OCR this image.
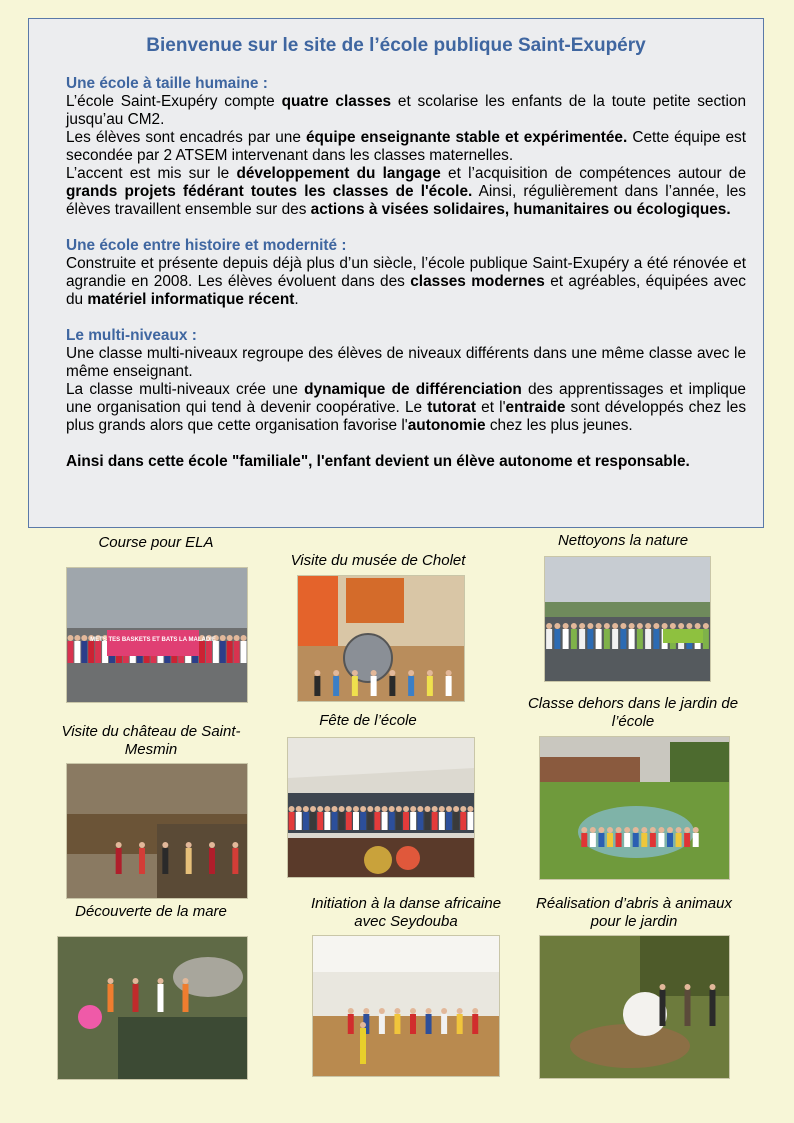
Bienvenue sur le site de l’école publique Saint-Exupéry
Une école à taille humaine :
L’école Saint-Exupéry compte quatre classes et scolarise les enfants de la toute petite section jusqu’au CM2.
Les élèves sont encadrés par une équipe enseignante stable et expérimentée. Cette équipe est secondée par 2 ATSEM intervenant dans les classes maternelles.
L’accent est mis sur le développement du langage et l’acquisition de compétences autour de grands projets fédérant toutes les classes de l'école. Ainsi, régulièrement dans l’année, les élèves travaillent ensemble sur des actions à visées solidaires, humanitaires ou écologiques.
Une école entre histoire et modernité :
Construite et présente depuis déjà plus d’un siècle, l’école publique Saint-Exupéry a été rénovée et agrandie en 2008. Les élèves évoluent dans des classes modernes et agréables, équipées avec du matériel informatique récent.
Le multi-niveaux :
Une classe multi-niveaux regroupe des élèves de niveaux différents dans une même classe avec le même enseignant.
La classe multi-niveaux crée une dynamique de différenciation des apprentissages et implique une organisation qui tend à devenir coopérative. Le tutorat et l'entraide sont développés chez les plus grands alors que cette organisation favorise l'autonomie chez les plus jeunes.
Ainsi dans cette école "familiale", l'enfant devient un élève autonome et responsable.
Course pour ELA
METS TES BASKETS ET BATS LA MALADIE
Visite du musée de Cholet
Nettoyons la nature
Visite du château de Saint-Mesmin
Fête de l’école
Classe dehors dans le jardin de l’école
Découverte de la mare	Initiation à la danse africaine avec Seydouba
Réalisation d’abris à animaux pour le jardin
